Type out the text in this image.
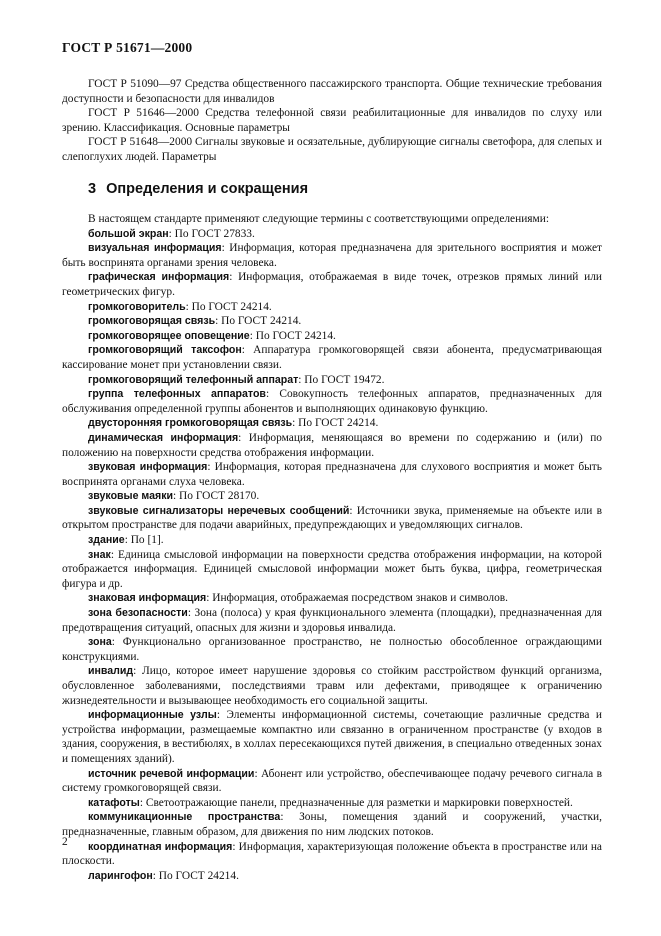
ГОСТ Р 51671—2000

ГОСТ Р 51090—97 Средства общественного пассажирского транспорта. Общие технические требования доступности и безопасности для инвалидов

ГОСТ Р 51646—2000 Средства телефонной связи реабилитационные для инвалидов по слуху или зрению. Классификация. Основные параметры

ГОСТ Р 51648—2000 Сигналы звуковые и осязательные, дублирующие сигналы светофора, для слепых и слепоглухих людей. Параметры

3 Определения и сокращения

В настоящем стандарте применяют следующие термины с соответствующими определениями:

большой экран: По ГОСТ 27833.

визуальная информация: Информация, которая предназначена для зрительного восприятия и может быть воспринята органами зрения человека.

графическая информация: Информация, отображаемая в виде точек, отрезков прямых линий или геометрических фигур.

громкоговоритель: По ГОСТ 24214.

громкоговорящая связь: По ГОСТ 24214.

громкоговорящее оповещение: По ГОСТ 24214.

громкоговорящий таксофон: Аппаратура громкоговорящей связи абонента, предусматривающая кассирование монет при установлении связи.

громкоговорящий телефонный аппарат: По ГОСТ 19472.

группа телефонных аппаратов: Совокупность телефонных аппаратов, предназначенных для обслуживания определенной группы абонентов и выполняющих одинаковую функцию.

двусторонняя громкоговорящая связь: По ГОСТ 24214.

динамическая информация: Информация, меняющаяся во времени по содержанию и (или) по положению на поверхности средства отображения информации.

звуковая информация: Информация, которая предназначена для слухового восприятия и может быть воспринята органами слуха человека.

звуковые маяки: По ГОСТ 28170.

звуковые сигнализаторы неречевых сообщений: Источники звука, применяемые на объекте или в открытом пространстве для подачи аварийных, предупреждающих и уведомляющих сигналов.

здание: По [1].

знак: Единица смысловой информации на поверхности средства отображения информации, на которой отображается информация. Единицей смысловой информации может быть буква, цифра, геометрическая фигура и др.

знаковая информация: Информация, отображаемая посредством знаков и символов.

зона безопасности: Зона (полоса) у края функционального элемента (площадки), предназначенная для предотвращения ситуаций, опасных для жизни и здоровья инвалида.

зона: Функционально организованное пространство, не полностью обособленное ограждающими конструкциями.

инвалид: Лицо, которое имеет нарушение здоровья со стойким расстройством функций организма, обусловленное заболеваниями, последствиями травм или дефектами, приводящее к ограничению жизнедеятельности и вызывающее необходимость его социальной защиты.

информационные узлы: Элементы информационной системы, сочетающие различные средства и устройства информации, размещаемые компактно или связанно в ограниченном пространстве (у входов в здания, сооружения, в вестибюлях, в холлах пересекающихся путей движения, в специально отведенных зонах и помещениях зданий).

источник речевой информации: Абонент или устройство, обеспечивающее подачу речевого сигнала в систему громкоговорящей связи.

катафоты: Светоотражающие панели, предназначенные для разметки и маркировки поверхностей.

коммуникационные пространства: Зоны, помещения зданий и сооружений, участки, предназначенные, главным образом, для движения по ним людских потоков.

координатная информация: Информация, характеризующая положение объекта в пространстве или на плоскости.

ларингофон: По ГОСТ 24214.

2
